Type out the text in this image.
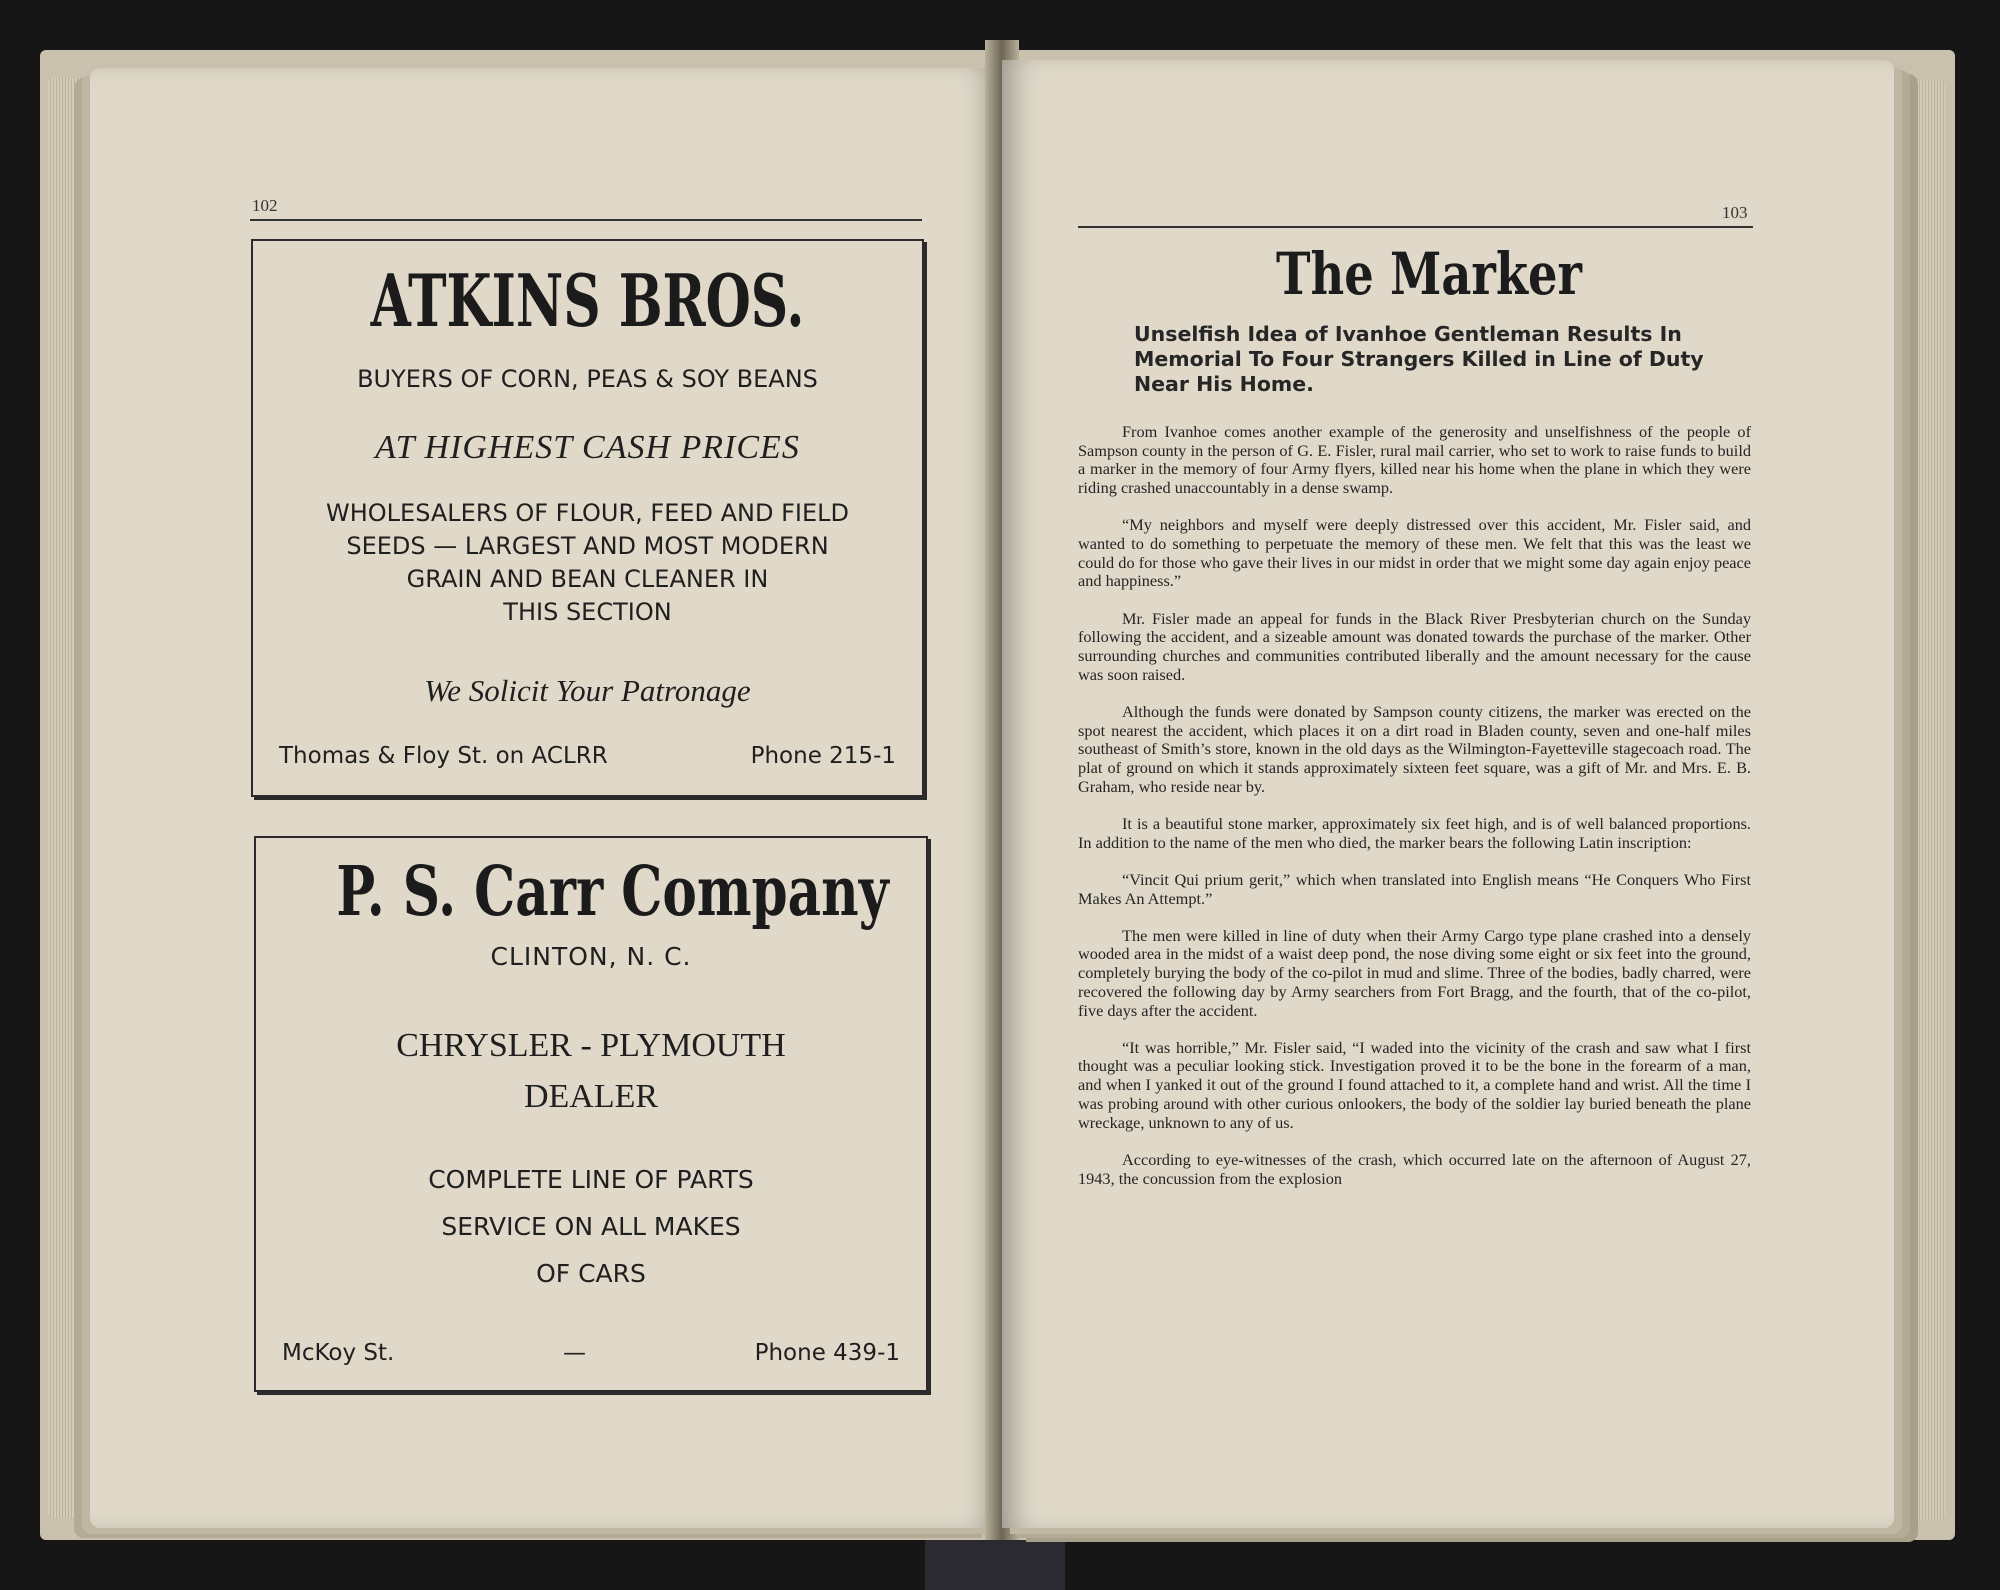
102
ATKINS BROS.
BUYERS OF CORN, PEAS & SOY BEANS
AT HIGHEST CASH PRICES
WHOLESALERS OF FLOUR, FEED AND FIELD
SEEDS — LARGEST AND MOST MODERN
GRAIN AND BEAN CLEANER IN
THIS SECTION
We Solicit Your Patronage
Thomas & Floy St. on ACLRR	Phone 215-1
P. S. Carr Company
CLINTON, N. C.
CHRYSLER - PLYMOUTH
DEALER
COMPLETE LINE OF PARTS
SERVICE ON ALL MAKES
OF CARS
McKoy St.	—	Phone 439-1
103
The Marker
Unselfish Idea of Ivanhoe Gentleman Results In Memorial To Four Strangers Killed in Line of Duty Near His Home.

From Ivanhoe comes another example of the generosity and unselfishness of the people of Sampson county in the person of G. E. Fisler, rural mail carrier, who set to work to raise funds to build a marker in the memory of four Army flyers, killed near his home when the plane in which they were riding crashed unaccountably in a dense swamp.

“My neighbors and myself were deeply distressed over this accident, Mr. Fisler said, and wanted to do something to perpetuate the memory of these men. We felt that this was the least we could do for those who gave their lives in our midst in order that we might some day again enjoy peace and happiness.”

Mr. Fisler made an appeal for funds in the Black River Presbyterian church on the Sunday following the accident, and a sizeable amount was donated towards the purchase of the marker. Other surrounding churches and communities contributed liberally and the amount necessary for the cause was soon raised.

Although the funds were donated by Sampson county citizens, the marker was erected on the spot nearest the accident, which places it on a dirt road in Bladen county, seven and one-half miles southeast of Smith’s store, known in the old days as the Wilmington-Fayetteville stagecoach road. The plat of ground on which it stands approximately sixteen feet square, was a gift of Mr. and Mrs. E. B. Graham, who reside near by.

It is a beautiful stone marker, approximately six feet high, and is of well balanced proportions. In addition to the name of the men who died, the marker bears the following Latin inscription:

“Vincit Qui prium gerit,” which when translated into English means “He Conquers Who First Makes An Attempt.”

The men were killed in line of duty when their Army Cargo type plane crashed into a densely wooded area in the midst of a waist deep pond, the nose diving some eight or six feet into the ground, completely burying the body of the co-pilot in mud and slime. Three of the bodies, badly charred, were recovered the following day by Army searchers from Fort Bragg, and the fourth, that of the co-pilot, five days after the accident.

“It was horrible,” Mr. Fisler said, “I waded into the vicinity of the crash and saw what I first thought was a peculiar looking stick. Investigation proved it to be the bone in the forearm of a man, and when I yanked it out of the ground I found attached to it, a complete hand and wrist. All the time I was probing around with other curious onlookers, the body of the soldier lay buried beneath the plane wreckage, unknown to any of us.

According to eye-witnesses of the crash, which occurred late on the afternoon of August 27, 1943, the concussion from the explosion
